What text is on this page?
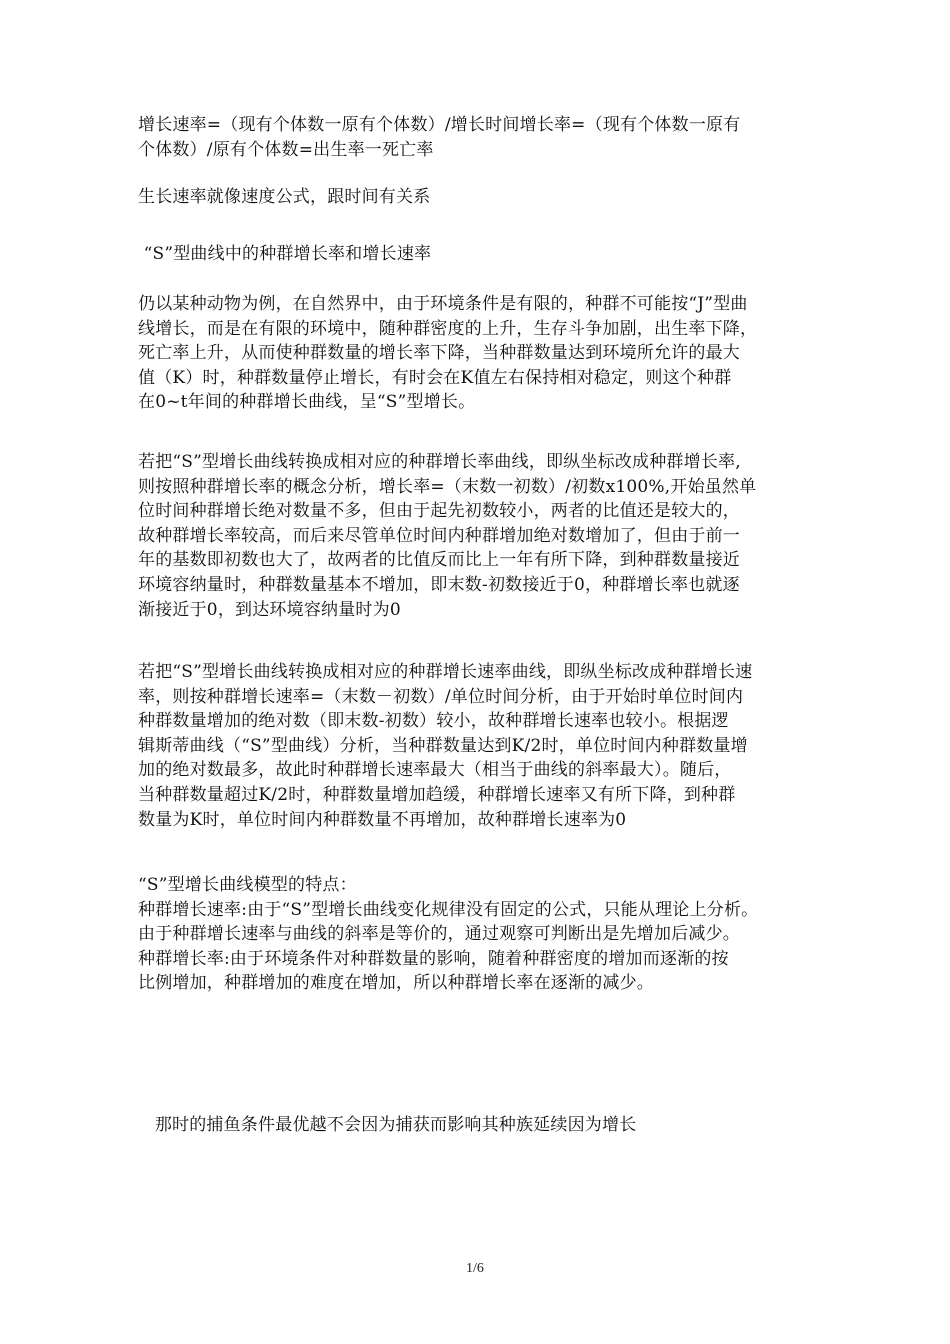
增长速率=（现有个体数一原有个体数）/增长时间增长率=（现有个体数一原有
个体数）/原有个体数=出生率一死亡率
生长速率就像速度公式，跟时间有关系
“S”型曲线中的种群增长率和增长速率
仍以某种动物为例，在自然界中，由于环境条件是有限的，种群不可能按“J”型曲
线增长，而是在有限的环境中，随种群密度的上升，生存斗争加剧，出生率下降，
死亡率上升，从而使种群数量的增长率下降，当种群数量达到环境所允许的最大
值（K）时，种群数量停止增长，有时会在K值左右保持相对稳定，则这个种群
在0~t年间的种群增长曲线，呈“S”型增长。
若把“S”型增长曲线转换成相对应的种群增长率曲线，即纵坐标改成种群增长率,
则按照种群增长率的概念分析，增长率=（末数一初数）/初数x100%,开始虽然单
位时间种群增长绝对数量不多，但由于起先初数较小，两者的比值还是较大的，
故种群增长率较高，而后来尽管单位时间内种群增加绝对数增加了，但由于前一
年的基数即初数也大了，故两者的比值反而比上一年有所下降，到种群数量接近
环境容纳量时，种群数量基本不增加，即末数-初数接近于0，种群增长率也就逐
渐接近于0，到达环境容纳量时为0
若把“S”型增长曲线转换成相对应的种群增长速率曲线，即纵坐标改成种群增长速
率，则按种群增长速率=（末数－初数）/单位时间分析，由于开始时单位时间内
种群数量增加的绝对数（即末数-初数）较小，故种群增长速率也较小。根据逻
辑斯蒂曲线（“S”型曲线）分析，当种群数量达到K/2时，单位时间内种群数量增
加的绝对数最多，故此时种群增长速率最大（相当于曲线的斜率最大）。随后，
当种群数量超过K/2时，种群数量增加趋缓，种群增长速率又有所下降，到种群
数量为K时，单位时间内种群数量不再增加，故种群增长速率为0
“S”型增长曲线模型的特点：
种群增长速率:由于“S”型增长曲线变化规律没有固定的公式，只能从理论上分析。
由于种群增长速率与曲线的斜率是等价的，通过观察可判断出是先增加后减少。
种群增长率:由于环境条件对种群数量的影响，随着种群密度的增加而逐渐的按
比例增加，种群增加的难度在增加，所以种群增长率在逐渐的减少。
那时的捕鱼条件最优越不会因为捕获而影响其种族延续因为增长
1/6
